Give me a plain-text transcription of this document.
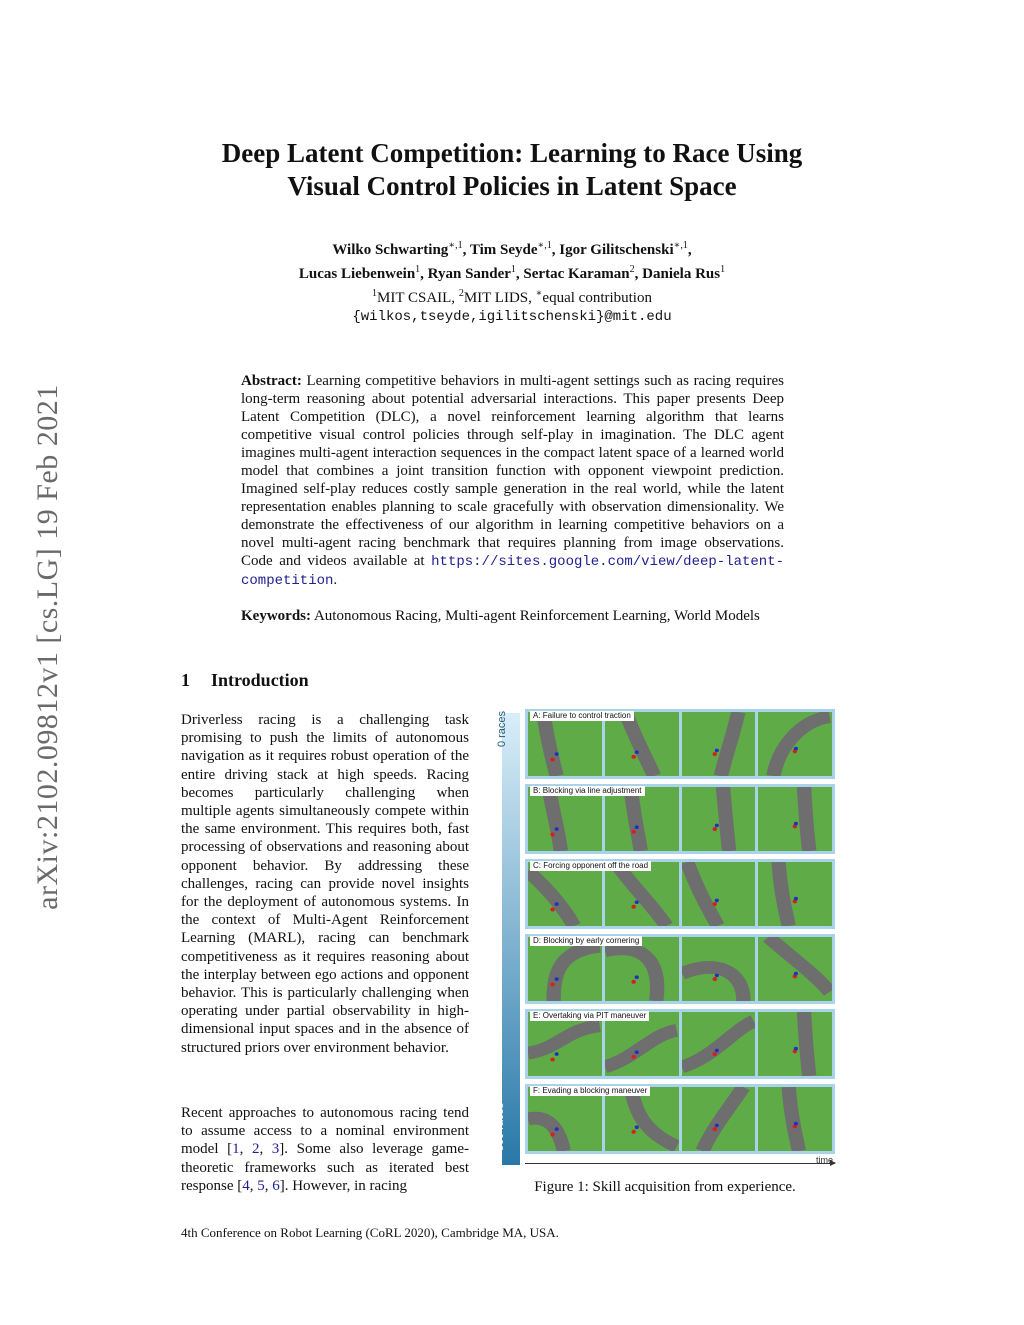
arXiv:2102.09812v1 [cs.LG] 19 Feb 2021
Deep Latent Competition: Learning to Race Using
Visual Control Policies in Latent Space
Wilko Schwarting$^{∗,1}$, Tim Seyde$^{∗,1}$, Igor Gilitschenski$^{∗,1}$,
Lucas Liebenwein$^1$, Ryan Sander$^1$, Sertac Karaman$^2$, Daniela Rus$^1$
$^1$MIT CSAIL, $^2$MIT LIDS, ∗equal contribution
{wilkos,tseyde,igilitschenski}@mit.edu
Abstract: Learning competitive behaviors in multi-agent settings such as racing requires long-term reasoning about potential adversarial interactions. This paper presents Deep Latent Competition (DLC), a novel reinforcement learning algorithm that learns competitive visual control policies through self-play in imagination. The DLC agent imagines multi-agent interaction sequences in the compact latent space of a learned world model that combines a joint transition function with opponent viewpoint prediction. Imagined self-play reduces costly sample generation in the real world, while the latent representation enables planning to scale gracefully with observation dimensionality. We demonstrate the effectiveness of our algorithm in learning competitive behaviors on a novel multi-agent racing benchmark that requires planning from image observations. Code and videos available at https://sites.google.com/view/deep-latent-competition.
Keywords: Autonomous Racing, Multi-agent Reinforcement Learning, World Models
1 Introduction
Driverless racing is a challenging task promising to push the limits of autonomous navigation as it requires robust operation of the entire driving stack at high speeds. Racing becomes particularly challenging when multiple agents simultaneously compete within the same environment. This requires both, fast processing of observations and reasoning about opponent behavior. By addressing these challenges, racing can provide novel insights for the deployment of autonomous systems. In the context of Multi-Agent Reinforcement Learning (MARL), racing can benchmark competitiveness as it requires reasoning about the interplay between ego actions and opponent behavior. This is particularly challenging when operating under partial observability in high-dimensional input spaces and in the absence of structured priors over environment behavior.
Recent approaches to autonomous racing tend to assume access to a nominal environment model [1, 2, 3]. Some also leverage game-theoretic frameworks such as iterated best response [4, 5, 6]. However, in racing
0 races
500 races
A: Failure to control traction
B: Blocking via line adjustment
C: Forcing opponent off the road
D: Blocking by early cornering
E: Overtaking via PIT maneuver
F: Evading a blocking maneuver
time
Figure 1: Skill acquisition from experience.
4th Conference on Robot Learning (CoRL 2020), Cambridge MA, USA.
